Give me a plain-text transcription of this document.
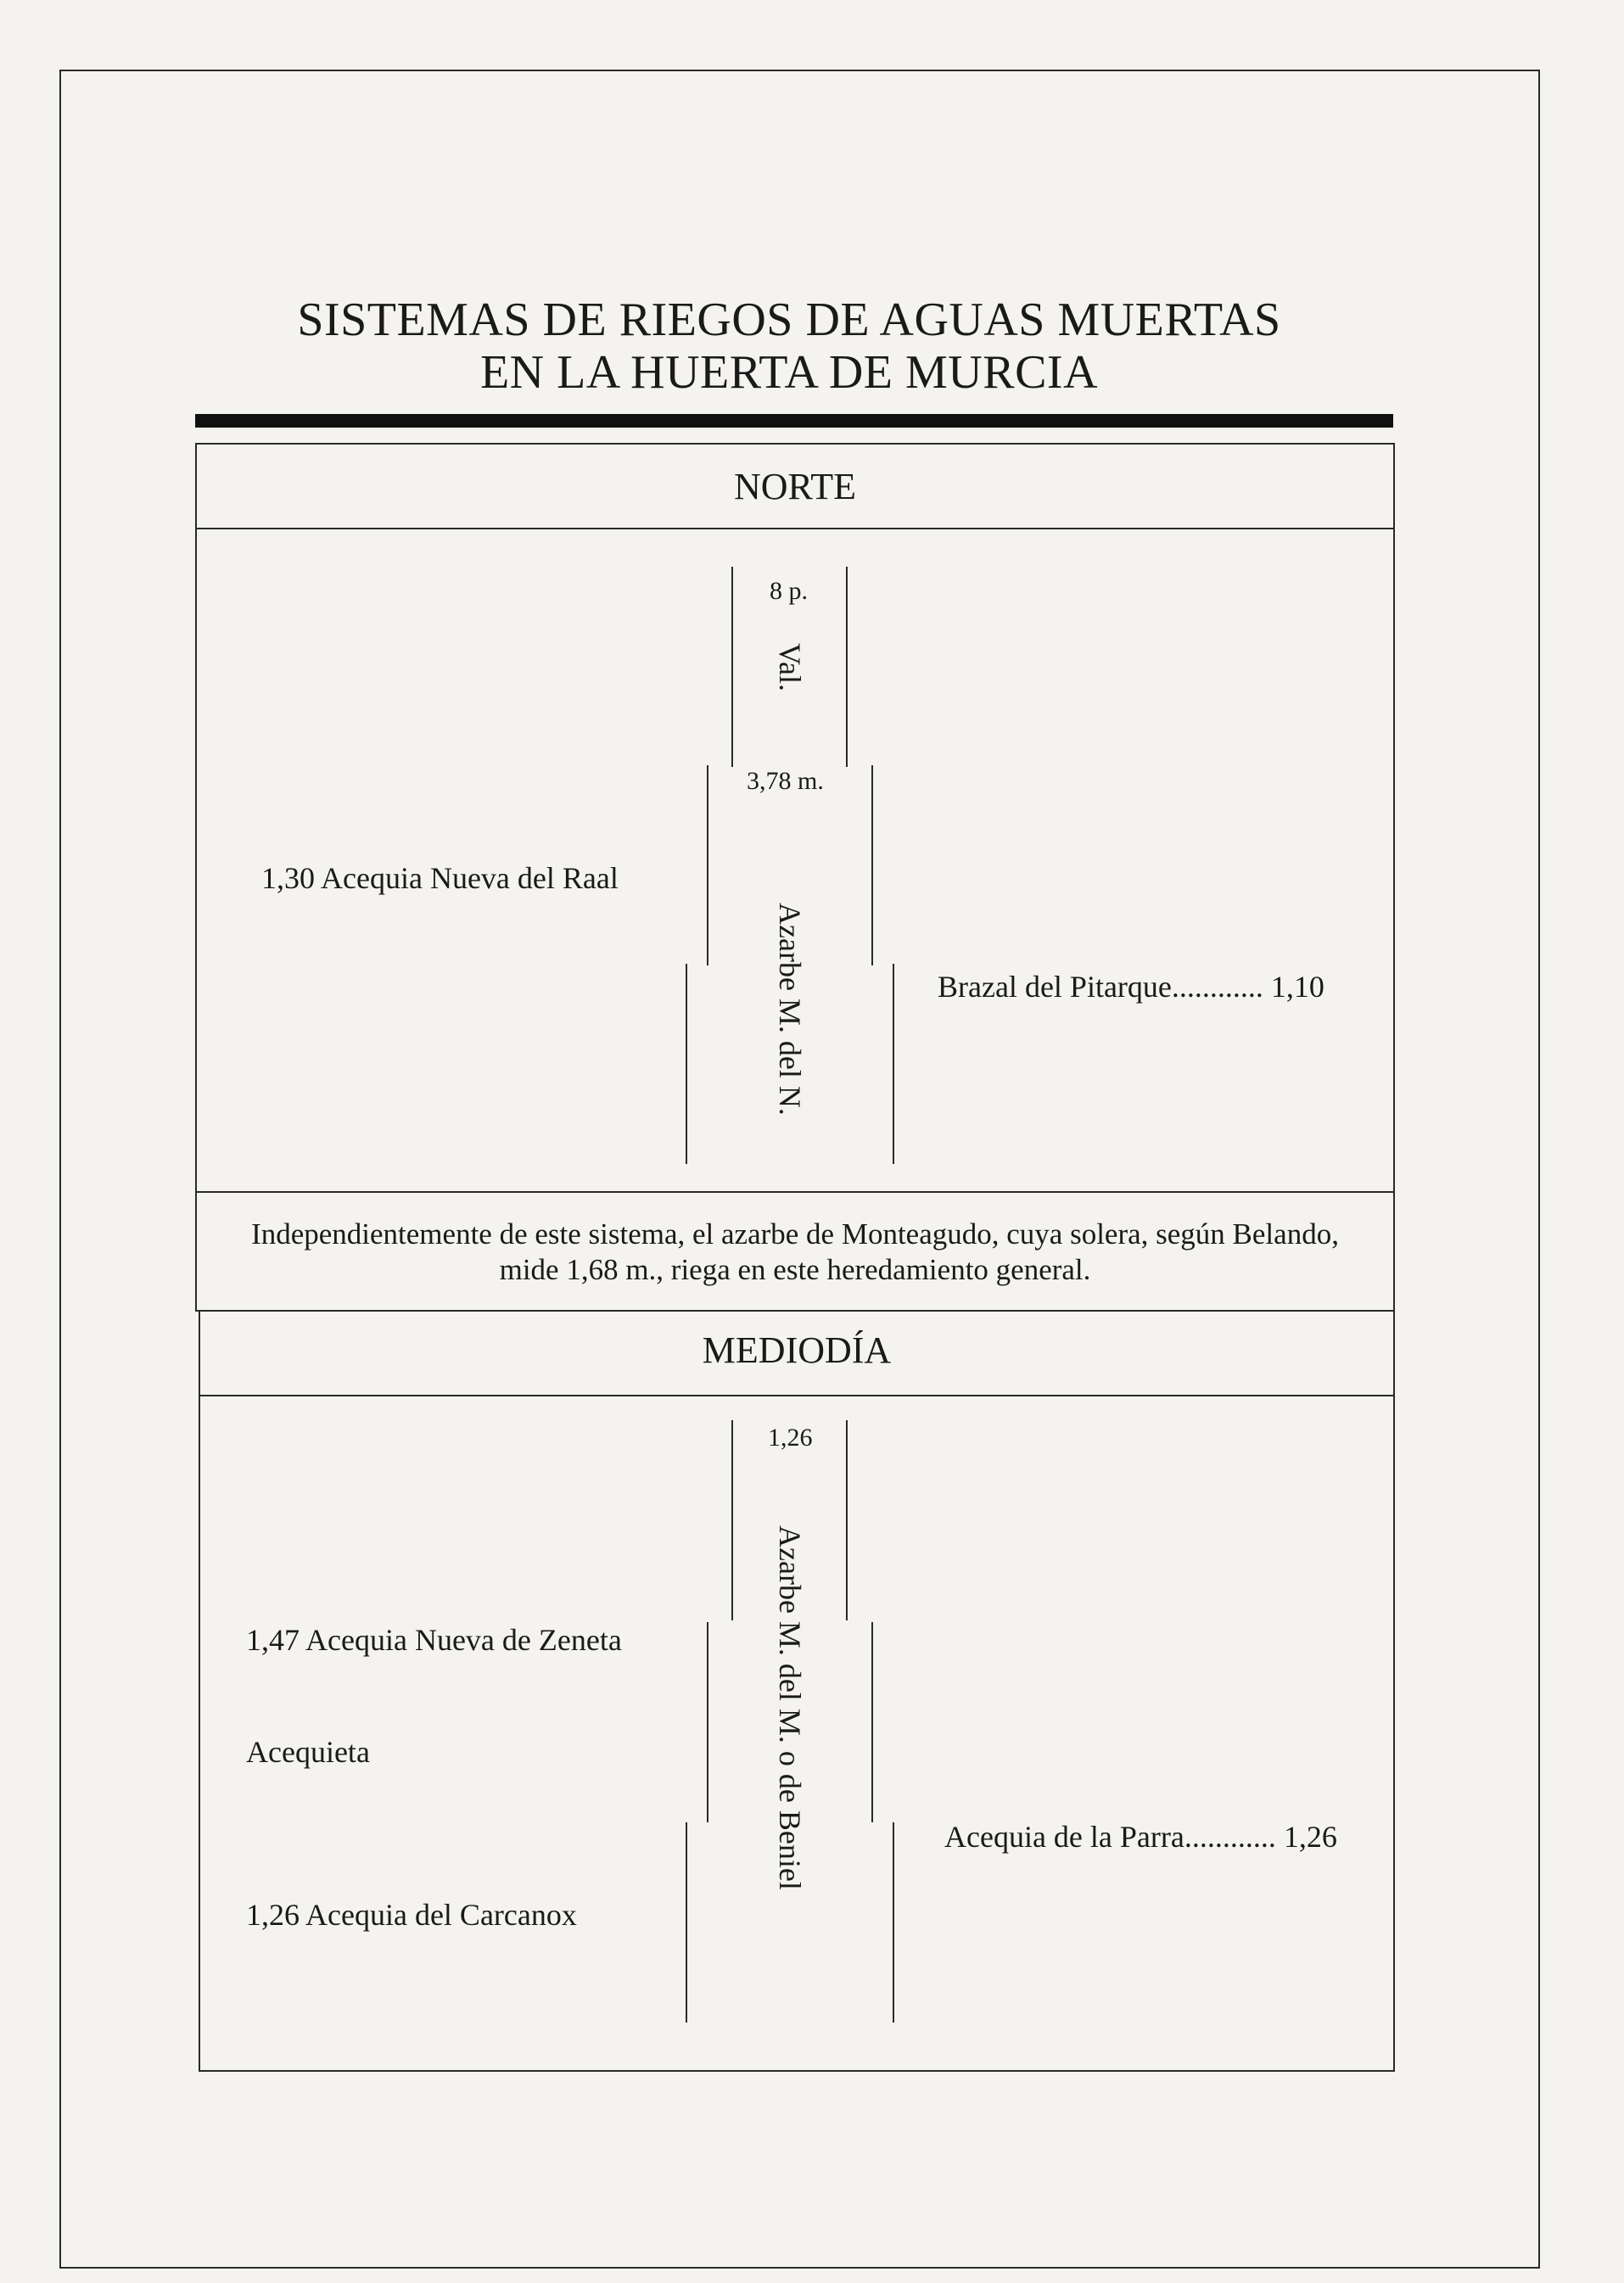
SISTEMAS DE RIEGOS DE AGUAS MUERTAS
EN LA HUERTA DE MURCIA
NORTE
8 p.
Val.
3,78 m.
Azarbe M. del N.
1,30 Acequia Nueva del Raal
Brazal del Pitarque............ 1,10
Independientemente de este sistema, el azarbe de Monteagudo, cuya solera, según Belando,
mide 1,68 m., riega en este heredamiento general.
MEDIODÍA
1,26
Azarbe M. del M. o de Beniel
1,47 Acequia Nueva de Zeneta
Acequieta
1,26 Acequia del Carcanox
Acequia de la Parra............ 1,26
